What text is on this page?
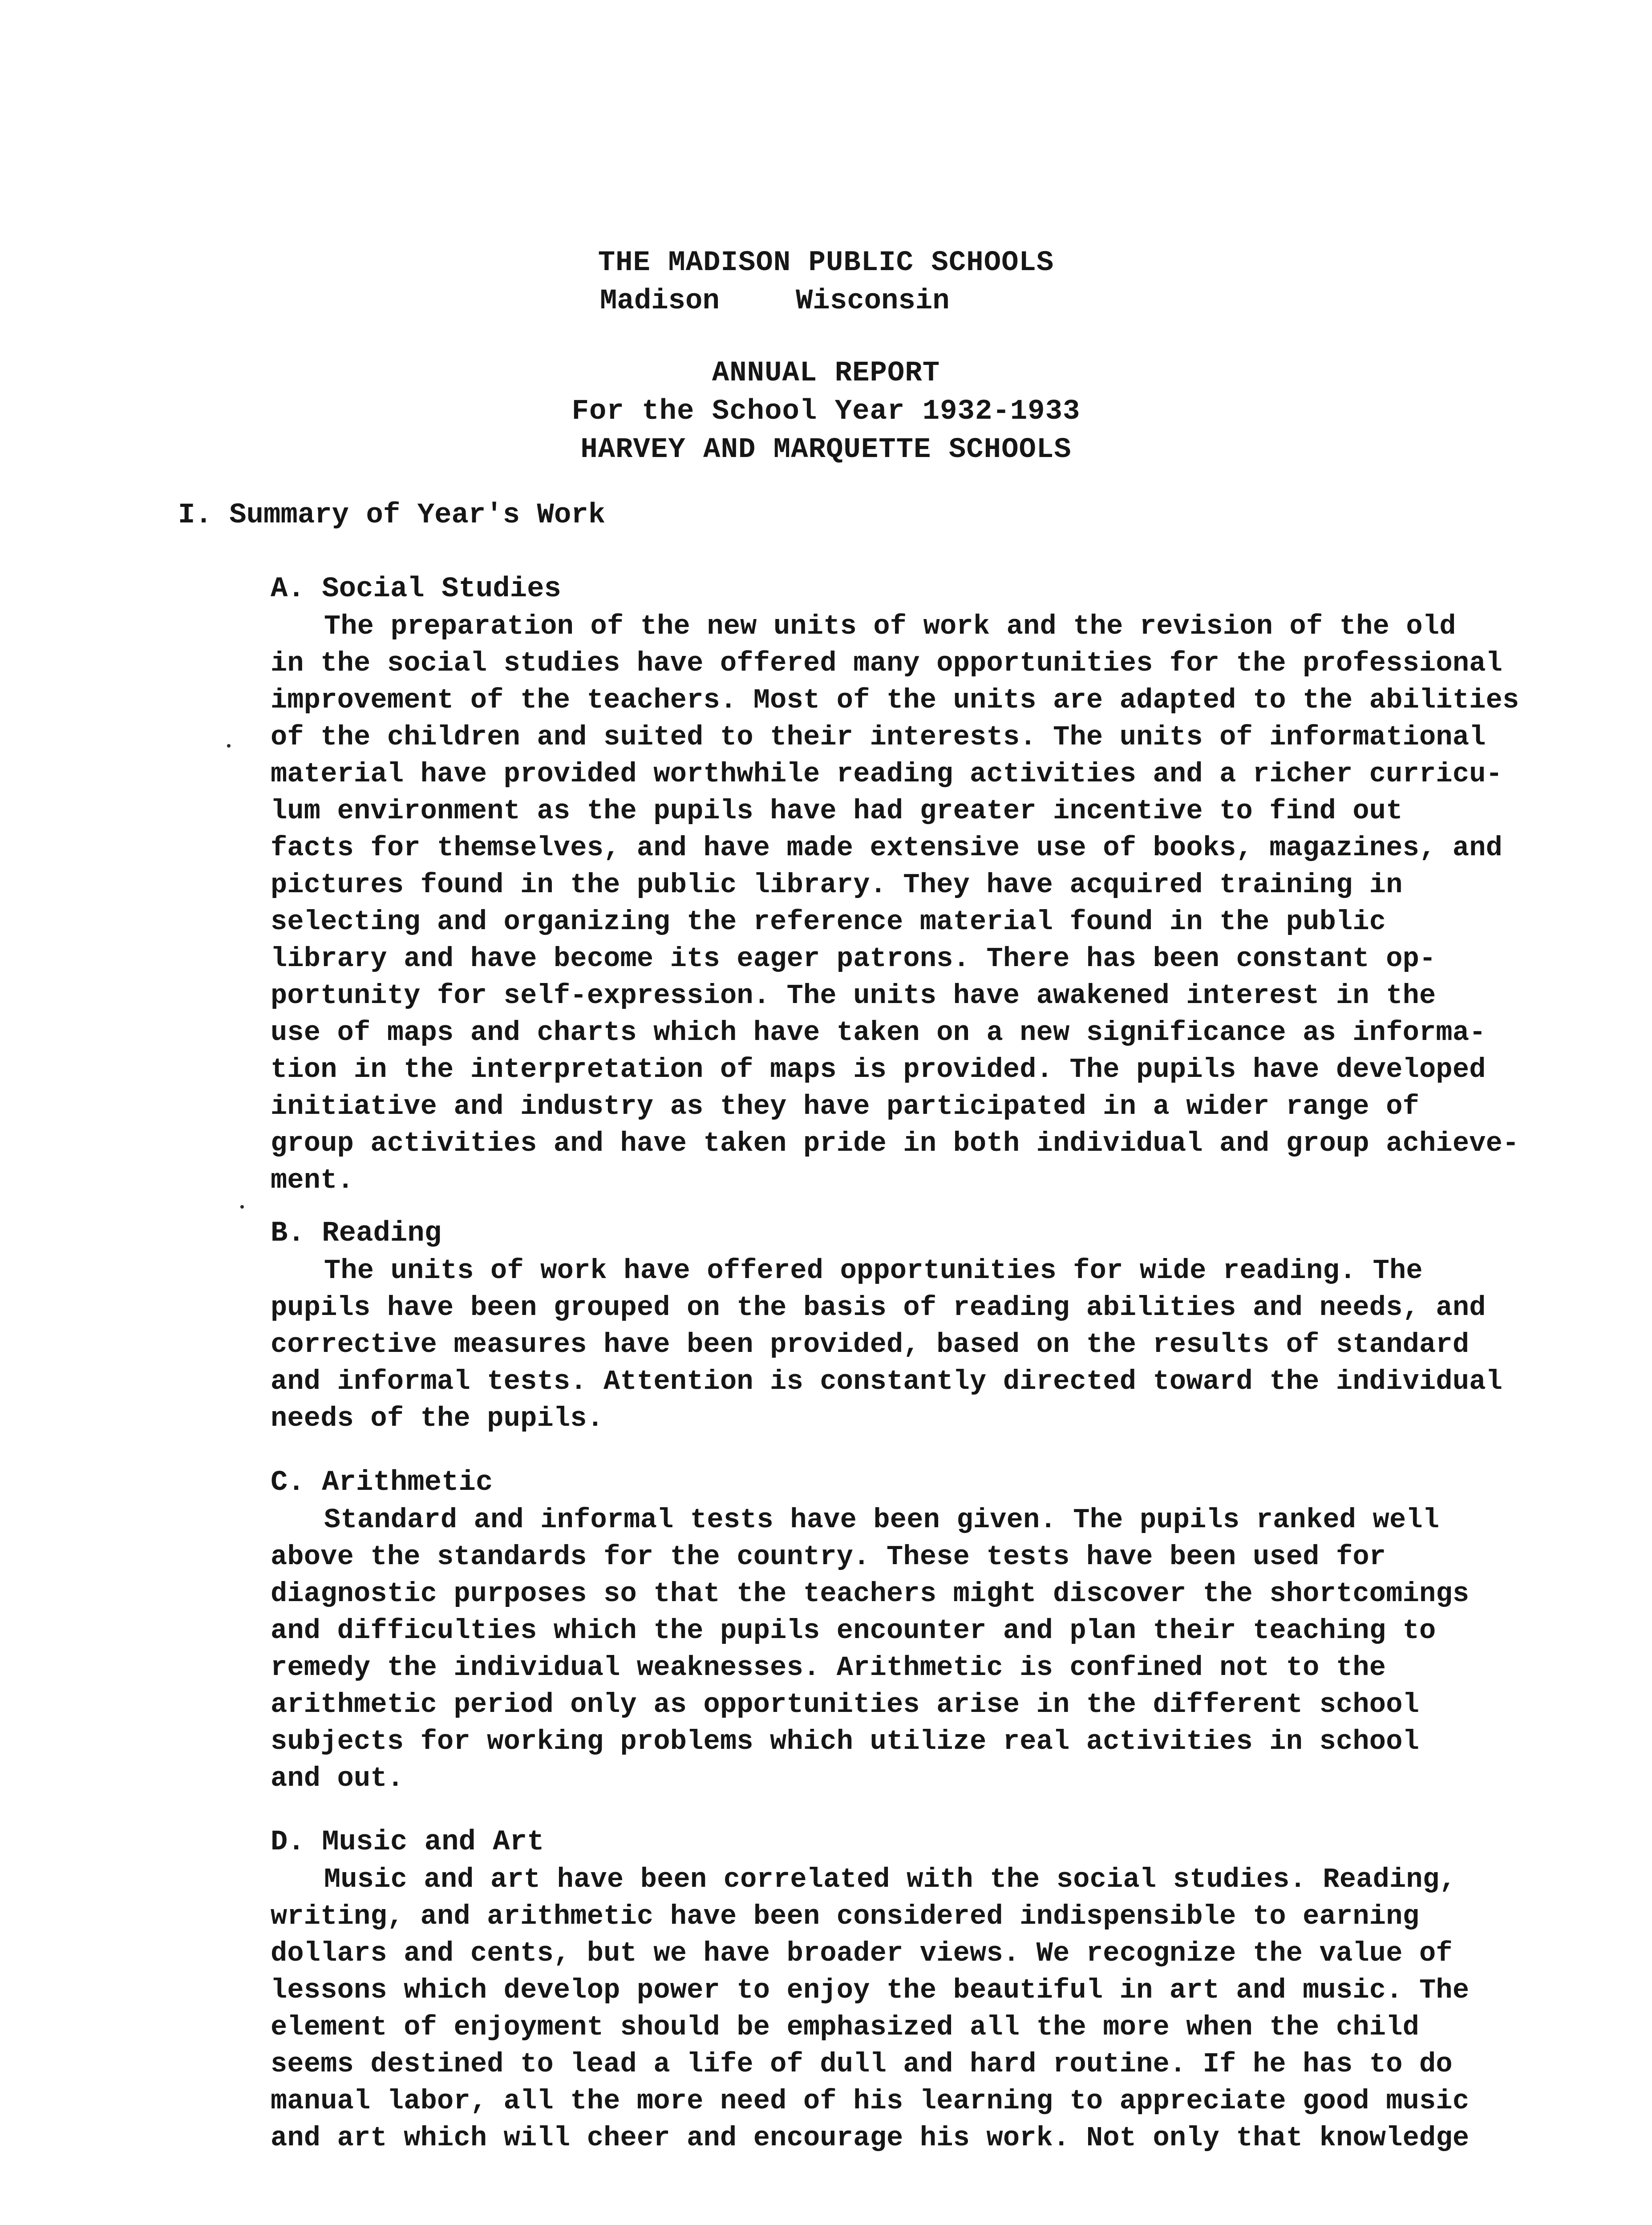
THE MADISON PUBLIC SCHOOLS
Madison	Wisconsin
ANNUAL REPORT
For the School Year 1932-1933
HARVEY AND MARQUETTE SCHOOLS
I. Summary of Year's Work
A. Social Studies
The preparation of the new units of work and the revision of the old
in the social studies have offered many opportunities for the professional
improvement of the teachers. Most of the units are adapted to the abilities
of the children and suited to their interests. The units of informational
material have provided worthwhile reading activities and a richer curricu-
lum environment as the pupils have had greater incentive to find out
facts for themselves, and have made extensive use of books, magazines, and
pictures found in the public library. They have acquired training in
selecting and organizing the reference material found in the public
library and have become its eager patrons. There has been constant op-
portunity for self-expression. The units have awakened interest in the
use of maps and charts which have taken on a new significance as informa-
tion in the interpretation of maps is provided. The pupils have developed
initiative and industry as they have participated in a wider range of
group activities and have taken pride in both individual and group achieve-
ment.
B. Reading
The units of work have offered opportunities for wide reading. The
pupils have been grouped on the basis of reading abilities and needs, and
corrective measures have been provided, based on the results of standard
and informal tests. Attention is constantly directed toward the individual
needs of the pupils.
C. Arithmetic
Standard and informal tests have been given. The pupils ranked well
above the standards for the country. These tests have been used for
diagnostic purposes so that the teachers might discover the shortcomings
and difficulties which the pupils encounter and plan their teaching to
remedy the individual weaknesses. Arithmetic is confined not to the
arithmetic period only as opportunities arise in the different school
subjects for working problems which utilize real activities in school
and out.
D. Music and Art
Music and art have been correlated with the social studies. Reading,
writing, and arithmetic have been considered indispensible to earning
dollars and cents, but we have broader views. We recognize the value of
lessons which develop power to enjoy the beautiful in art and music. The
element of enjoyment should be emphasized all the more when the child
seems destined to lead a life of dull and hard routine. If he has to do
manual labor, all the more need of his learning to appreciate good music
and art which will cheer and encourage his work. Not only that knowledge
